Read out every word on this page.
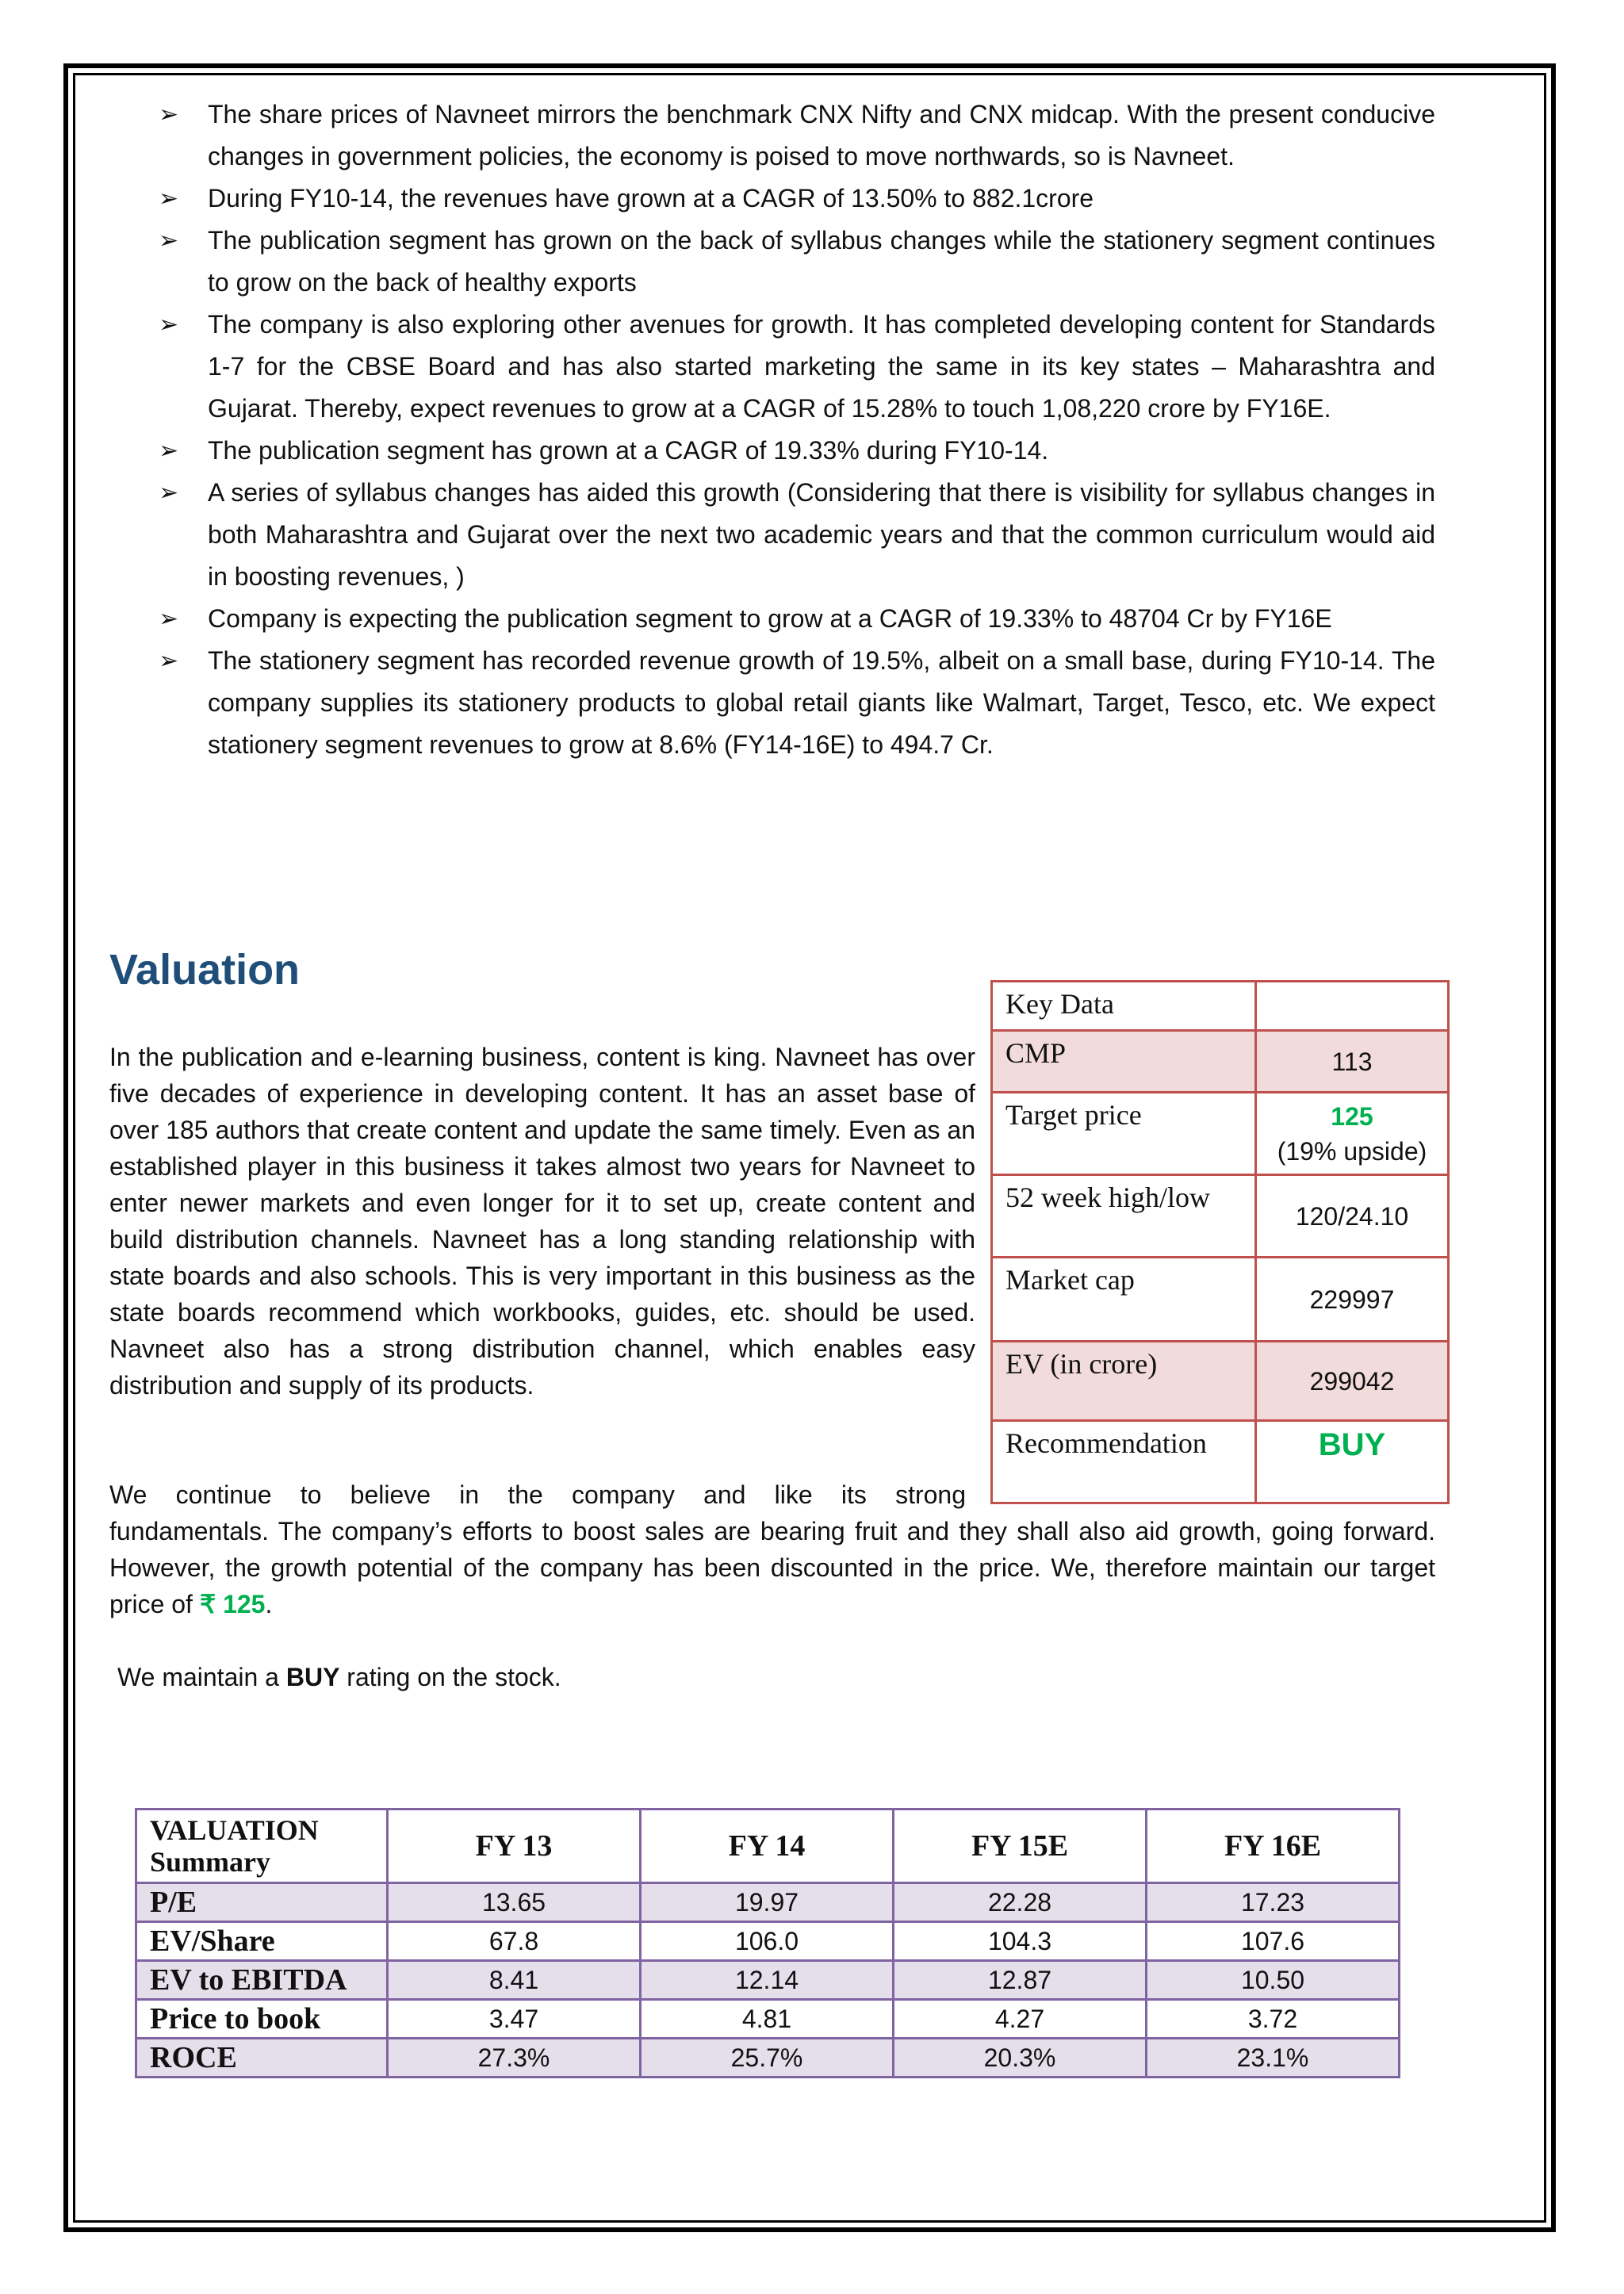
➢ The share prices of Navneet mirrors the benchmark CNX Nifty and CNX midcap. With the present conducive changes in government policies, the economy is poised to move northwards, so is Navneet.
➢ During FY10-14, the revenues have grown at a CAGR of 13.50% to 882.1crore
➢ The publication segment has grown on the back of syllabus changes while the stationery segment continues to grow on the back of healthy exports
➢ The company is also exploring other avenues for growth. It has completed developing content for Standards 1-7 for the CBSE Board and has also started marketing the same in its key states – Maharashtra and Gujarat. Thereby, expect revenues to grow at a CAGR of 15.28% to touch 1,08,220 crore by FY16E.
➢ The publication segment has grown at a CAGR of 19.33% during FY10-14.
➢ A series of syllabus changes has aided this growth (Considering that there is visibility for syllabus changes in both Maharashtra and Gujarat over the next two academic years and that the common curriculum would aid in boosting revenues, )
➢ Company is expecting the publication segment to grow at a CAGR of 19.33% to 48704 Cr by FY16E
➢ The stationery segment has recorded revenue growth of 19.5%, albeit on a small base, during FY10-14. The company supplies its stationery products to global retail giants like Walmart, Target, Tesco, etc. We expect stationery segment revenues to grow at 8.6% (FY14-16E) to 494.7 Cr.
Valuation

In the publication and e-learning business, content is king. Navneet has over five decades of experience in developing content. It has an asset base of over 185 authors that create content and update the same timely. Even as an established player in this business it takes almost two years for Navneet to enter newer markets and even longer for it to set up, create content and build distribution channels. Navneet has a long standing relationship with state boards and also schools. This is very important in this business as the state boards recommend which workbooks, guides, etc. should be used. Navneet also has a strong distribution channel, which enables easy distribution and supply of its products.

We continue to believe in the company and like its strong

fundamentals. The company’s efforts to boost sales are bearing fruit and they shall also aid growth, going forward. However, the growth potential of the company has been discounted in the price. We, therefore maintain our target price of ₹ 125.

We maintain a BUY rating on the stock.

Key Data	
CMP	113
Target price	125
(19% upside)

52 week high/low	120/24.10
Market cap	229997
EV (in crore)	299042
Recommendation	BUY
VALUATION
Summary	FY 13	FY 14	FY 15E	FY 16E
P/E	13.65	19.97	22.28	17.23
EV/Share	67.8	106.0	104.3	107.6
EV to EBITDA	8.41	12.14	12.87	10.50
Price to book	3.47	4.81	4.27	3.72
ROCE	27.3%	25.7%	20.3%	23.1%
